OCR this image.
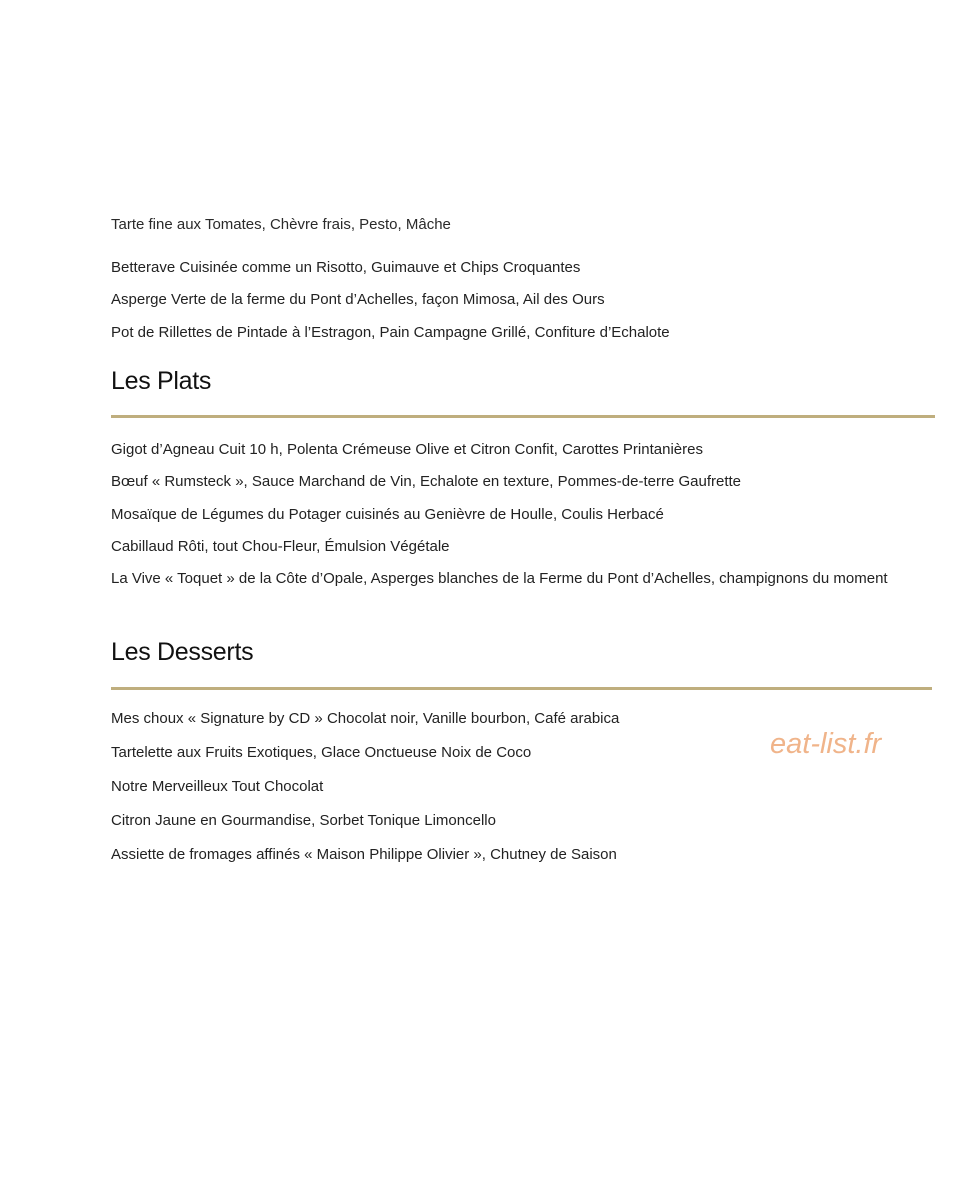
Tarte fine aux Tomates, Chèvre frais, Pesto, Mâche
Betterave Cuisinée comme un Risotto, Guimauve et Chips Croquantes
Asperge Verte de la ferme du Pont d’Achelles, façon Mimosa, Ail des Ours
Pot de Rillettes de Pintade à l’Estragon, Pain Campagne Grillé, Confiture d’Echalote
Les Plats
Gigot d’Agneau Cuit 10 h, Polenta Crémeuse Olive et Citron Confit, Carottes Printanières
Bœuf « Rumsteck », Sauce Marchand de Vin, Echalote en texture, Pommes-de-terre Gaufrette
Mosaïque de Légumes du Potager cuisinés au Genièvre de Houlle, Coulis Herbacé
Cabillaud Rôti, tout Chou-Fleur, Émulsion Végétale
La Vive « Toquet » de la Côte d’Opale, Asperges blanches de la Ferme du Pont d’Achelles, champignons du moment
Les Desserts
Mes choux « Signature by CD » Chocolat noir, Vanille bourbon, Café arabica
Tartelette aux Fruits Exotiques, Glace Onctueuse Noix de Coco
Notre Merveilleux Tout Chocolat
Citron Jaune en Gourmandise, Sorbet Tonique Limoncello
Assiette de fromages affinés « Maison Philippe Olivier », Chutney de Saison
eat-list.fr
